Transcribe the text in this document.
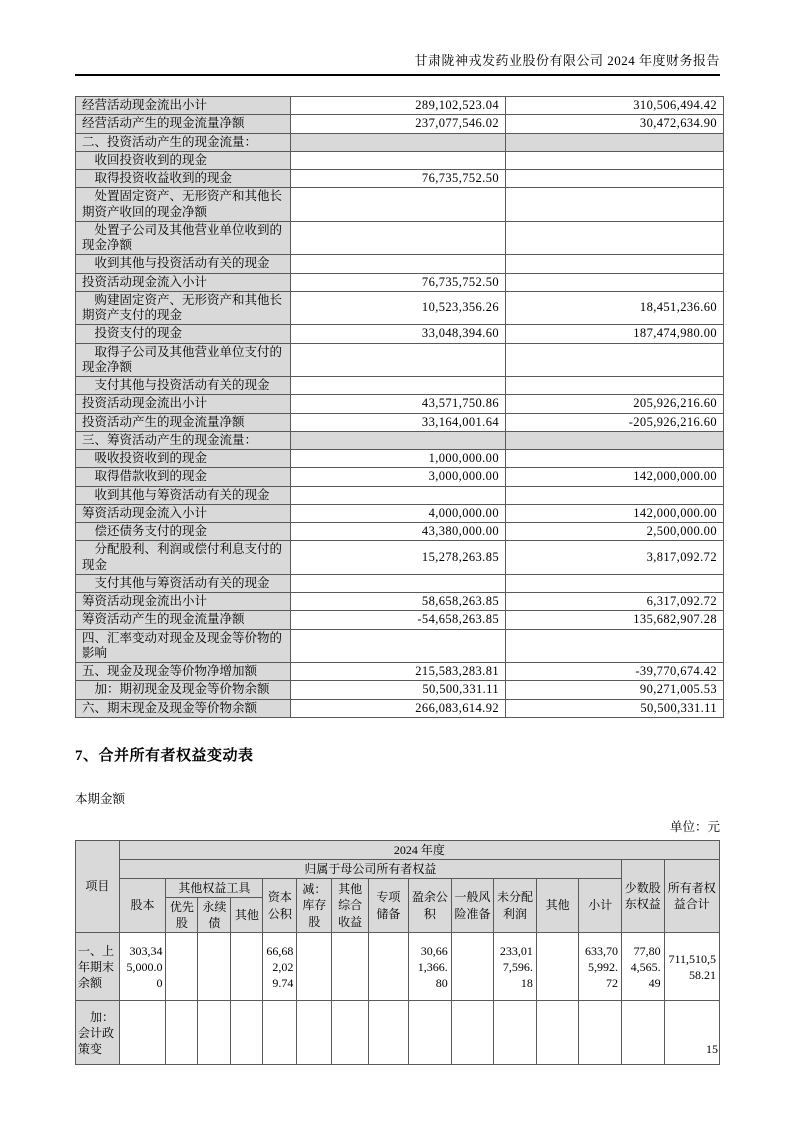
甘肃陇神戎发药业股份有限公司 2024 年度财务报告
经营活动现金流出小计	289,102,523.04	310,506,494.42
经营活动产生的现金流量净额	237,077,546.02	30,472,634.90
二、投资活动产生的现金流量：		
　收回投资收到的现金		
　取得投资收益收到的现金	76,735,752.50	
　处置固定资产、无形资产和其他长期资产收回的现金净额		
　处置子公司及其他营业单位收到的现金净额		
　收到其他与投资活动有关的现金		
投资活动现金流入小计	76,735,752.50	
　购建固定资产、无形资产和其他长期资产支付的现金	10,523,356.26	18,451,236.60
　投资支付的现金	33,048,394.60	187,474,980.00
　取得子公司及其他营业单位支付的现金净额		
　支付其他与投资活动有关的现金		
投资活动现金流出小计	43,571,750.86	205,926,216.60
投资活动产生的现金流量净额	33,164,001.64	-205,926,216.60
三、筹资活动产生的现金流量：		
　吸收投资收到的现金	1,000,000.00	
　取得借款收到的现金	3,000,000.00	142,000,000.00
　收到其他与筹资活动有关的现金		
筹资活动现金流入小计	4,000,000.00	142,000,000.00
　偿还债务支付的现金	43,380,000.00	2,500,000.00
　分配股利、利润或偿付利息支付的现金	15,278,263.85	3,817,092.72
　支付其他与筹资活动有关的现金		
筹资活动现金流出小计	58,658,263.85	6,317,092.72
筹资活动产生的现金流量净额	-54,658,263.85	135,682,907.28
四、汇率变动对现金及现金等价物的影响		
五、现金及现金等价物净增加额	215,583,283.81	-39,770,674.42
　加：期初现金及现金等价物余额	50,500,331.11	90,271,005.53
六、期末现金及现金等价物余额	266,083,614.92	50,500,331.11
7、合并所有者权益变动表
本期金额
单位：元
项目	2024 年度														
	归属于母公司所有者权益													少数股东权益	所有者权益合计
	股本	其他权益工具			资本公积	减：库存股	其他综合收益	专项储备	盈余公积	一般风险准备	未分配利润	其他	小计		
		优先股	永续债	其他											
一、上年期末余额	303,345,000.00				66,682,029.74				30,661,366.80		233,017,596.18		633,705,992.72	77,804,565.49	711,510,558.21
　加：会计政策变																15
